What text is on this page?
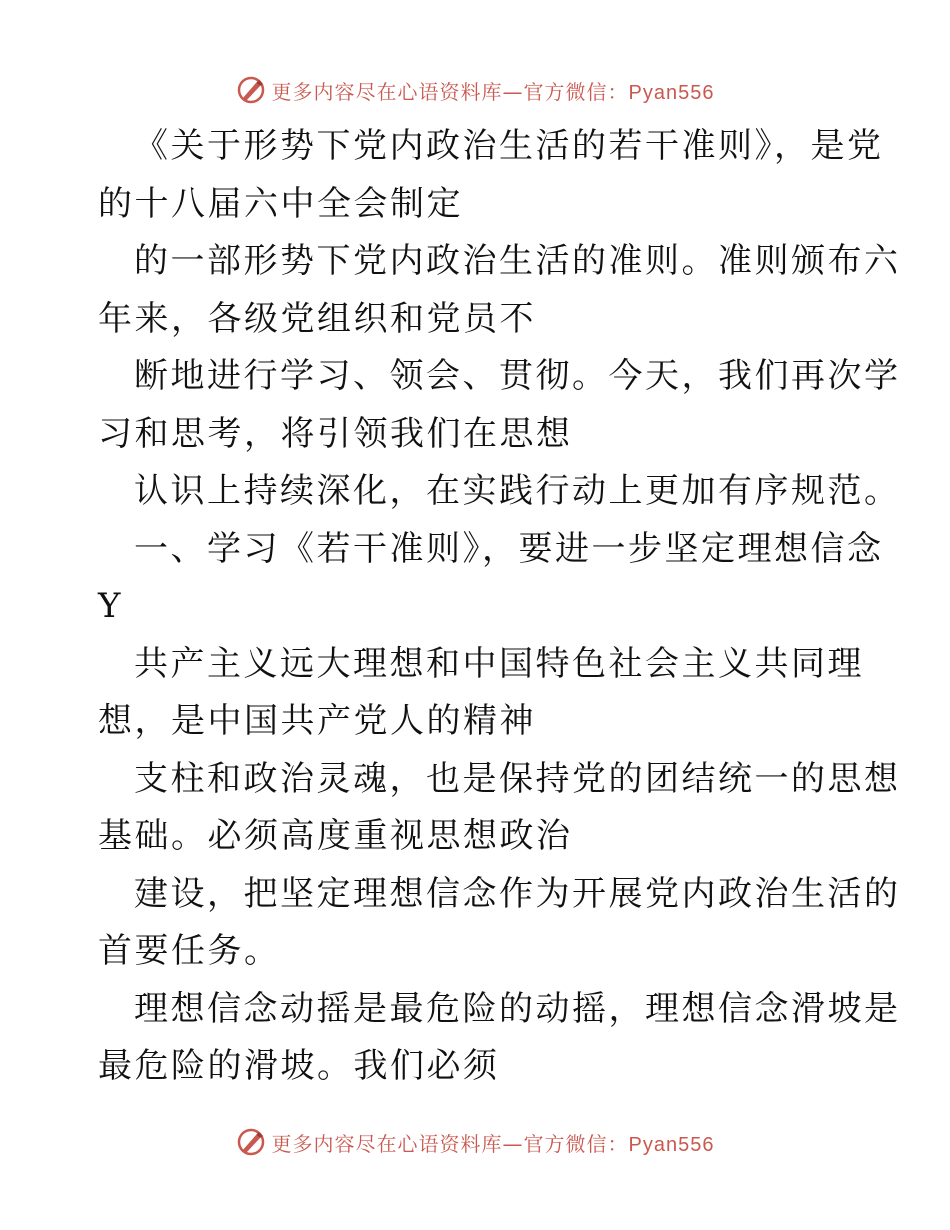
更多内容尽在心语资料库—官方微信：Pyan556
《关于形势下党内政治生活的若干准则》，是党
的十八届六中全会制定
的一部形势下党内政治生活的准则。准则颁布六
年来，各级党组织和党员不
断地进行学习、领会、贯彻。今天，我们再次学
习和思考，将引领我们在思想
认识上持续深化，在实践行动上更加有序规范。
一、学习《若干准则》，要进一步坚定理想信念
Y
共产主义远大理想和中国特色社会主义共同理
想，是中国共产党人的精神
支柱和政治灵魂，也是保持党的团结统一的思想
基础。必须高度重视思想政治
建设，把坚定理想信念作为开展党内政治生活的
首要任务。
理想信念动摇是最危险的动摇，理想信念滑坡是
最危险的滑坡。我们必须
更多内容尽在心语资料库—官方微信：Pyan556
